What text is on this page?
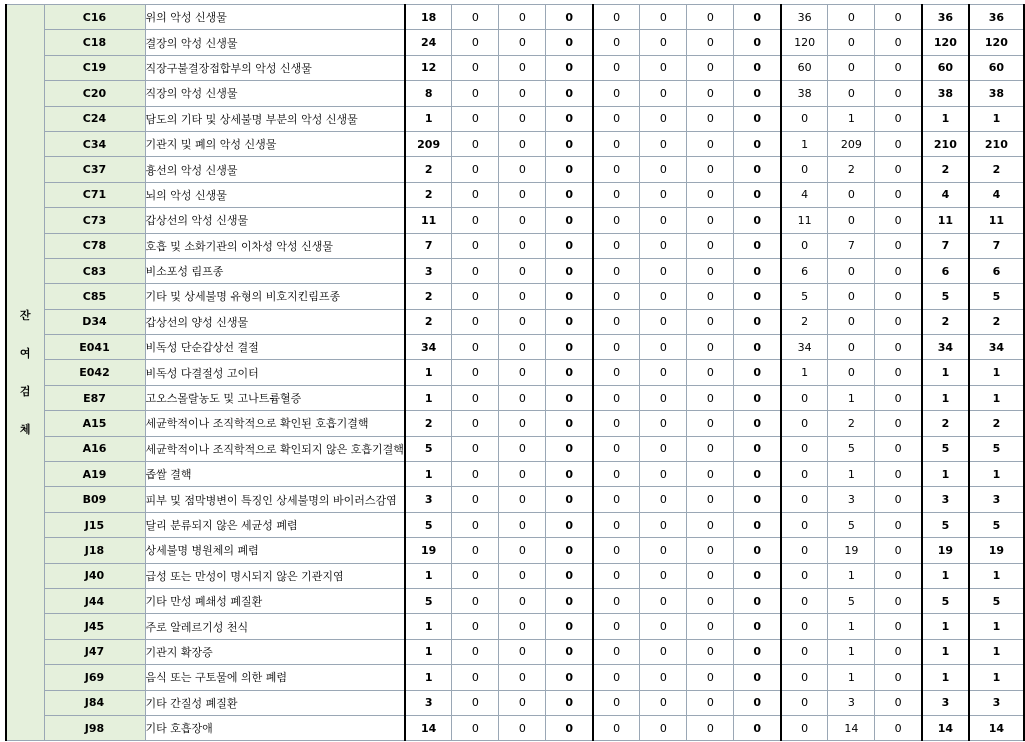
잔
여
검
체	C16	위의 악성 신생물	18	0	0	0	0	0	0	0	36	0	0	36	36
	C18	결장의 악성 신생물	24	0	0	0	0	0	0	0	120	0	0	120	120
	C19	직장구불결장접합부의 악성 신생물	12	0	0	0	0	0	0	0	60	0	0	60	60
	C20	직장의 악성 신생물	8	0	0	0	0	0	0	0	38	0	0	38	38
	C24	담도의 기타 및 상세불명 부분의 악성 신생물	1	0	0	0	0	0	0	0	0	1	0	1	1
	C34	기관지 및 폐의 악성 신생물	209	0	0	0	0	0	0	0	1	209	0	210	210
	C37	흉선의 악성 신생물	2	0	0	0	0	0	0	0	0	2	0	2	2
	C71	뇌의 악성 신생물	2	0	0	0	0	0	0	0	4	0	0	4	4
	C73	갑상선의 악성 신생물	11	0	0	0	0	0	0	0	11	0	0	11	11
	C78	호흡 및 소화기관의 이차성 악성 신생물	7	0	0	0	0	0	0	0	0	7	0	7	7
	C83	비소포성 림프종	3	0	0	0	0	0	0	0	6	0	0	6	6
	C85	기타 및 상세불명 유형의 비호지킨림프종	2	0	0	0	0	0	0	0	5	0	0	5	5
	D34	갑상선의 양성 신생물	2	0	0	0	0	0	0	0	2	0	0	2	2
	E041	비독성 단순갑상선 결절	34	0	0	0	0	0	0	0	34	0	0	34	34
	E042	비독성 다결절성 고이터	1	0	0	0	0	0	0	0	1	0	0	1	1
	E87	고오스몰랄농도 및 고나트륨혈증	1	0	0	0	0	0	0	0	0	1	0	1	1
	A15	세균학적이나 조직학적으로 확인된 호흡기결핵	2	0	0	0	0	0	0	0	0	2	0	2	2
	A16	세균학적이나 조직학적으로 확인되지 않은 호흡기결핵	5	0	0	0	0	0	0	0	0	5	0	5	5
	A19	좁쌀 결핵	1	0	0	0	0	0	0	0	0	1	0	1	1
	B09	피부 및 점막병변이 특징인 상세불명의 바이러스감염	3	0	0	0	0	0	0	0	0	3	0	3	3
	J15	달리 분류되지 않은 세균성 폐렴	5	0	0	0	0	0	0	0	0	5	0	5	5
	J18	상세불명 병원체의 폐렴	19	0	0	0	0	0	0	0	0	19	0	19	19
	J40	급성 또는 만성이 명시되지 않은 기관지염	1	0	0	0	0	0	0	0	0	1	0	1	1
	J44	기타 만성 폐쇄성 폐질환	5	0	0	0	0	0	0	0	0	5	0	5	5
	J45	주로 알레르기성 천식	1	0	0	0	0	0	0	0	0	1	0	1	1
	J47	기관지 확장증	1	0	0	0	0	0	0	0	0	1	0	1	1
	J69	음식 또는 구토물에 의한 폐렴	1	0	0	0	0	0	0	0	0	1	0	1	1
	J84	기타 간질성 폐질환	3	0	0	0	0	0	0	0	0	3	0	3	3
	J98	기타 호흡장애	14	0	0	0	0	0	0	0	0	14	0	14	14
